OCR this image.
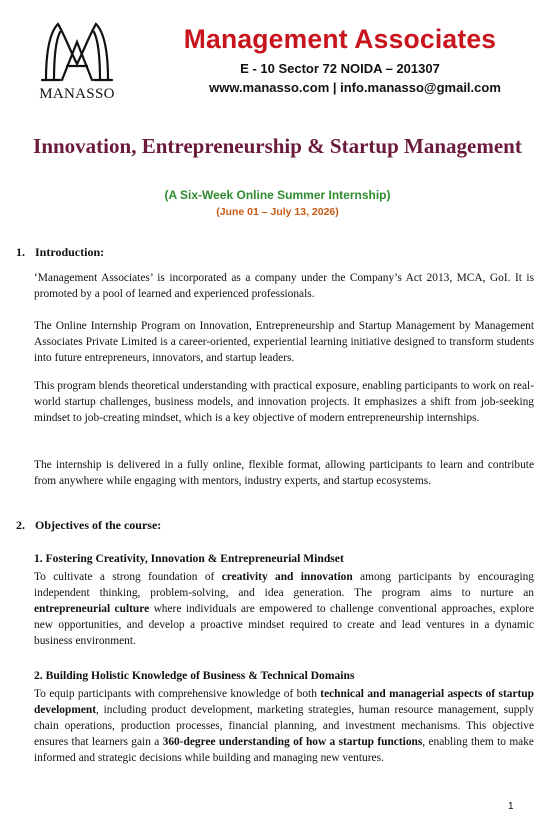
MANASSO
Management Associates
E - 10 Sector 72 NOIDA – 201307
www.manasso.com | info.manasso@gmail.com
Innovation, Entrepreneurship & Startup Management
(A Six-Week Online Summer Internship)
(June 01 – July 13, 2026)
1. Introduction:

‘Management Associates’ is incorporated as a company under the Company’s Act 2013, MCA, GoI. It is promoted by a pool of learned and experienced professionals.

The Online Internship Program on Innovation, Entrepreneurship and Startup Management by Management Associates Private Limited is a career-oriented, experiential learning initiative designed to transform students into future entrepreneurs, innovators, and startup leaders.

This program blends theoretical understanding with practical exposure, enabling participants to work on real-world startup challenges, business models, and innovation projects. It emphasizes a shift from job-seeking mindset to job-creating mindset, which is a key objective of modern entrepreneurship internships.

The internship is delivered in a fully online, flexible format, allowing participants to learn and contribute from anywhere while engaging with mentors, industry experts, and startup ecosystems.

2. Objectives of the course:
1. Fostering Creativity, Innovation & Entrepreneurial Mindset

To cultivate a strong foundation of creativity and innovation among participants by encouraging independent thinking, problem-solving, and idea generation. The program aims to nurture an entrepreneurial culture where individuals are empowered to challenge conventional approaches, explore new opportunities, and develop a proactive mindset required to create and lead ventures in a dynamic business environment.

2. Building Holistic Knowledge of Business & Technical Domains

To equip participants with comprehensive knowledge of both technical and managerial aspects of startup development, including product development, marketing strategies, human resource management, supply chain operations, production processes, financial planning, and investment mechanisms. This objective ensures that learners gain a 360-degree understanding of how a startup functions, enabling them to make informed and strategic decisions while building and managing new ventures.

1
